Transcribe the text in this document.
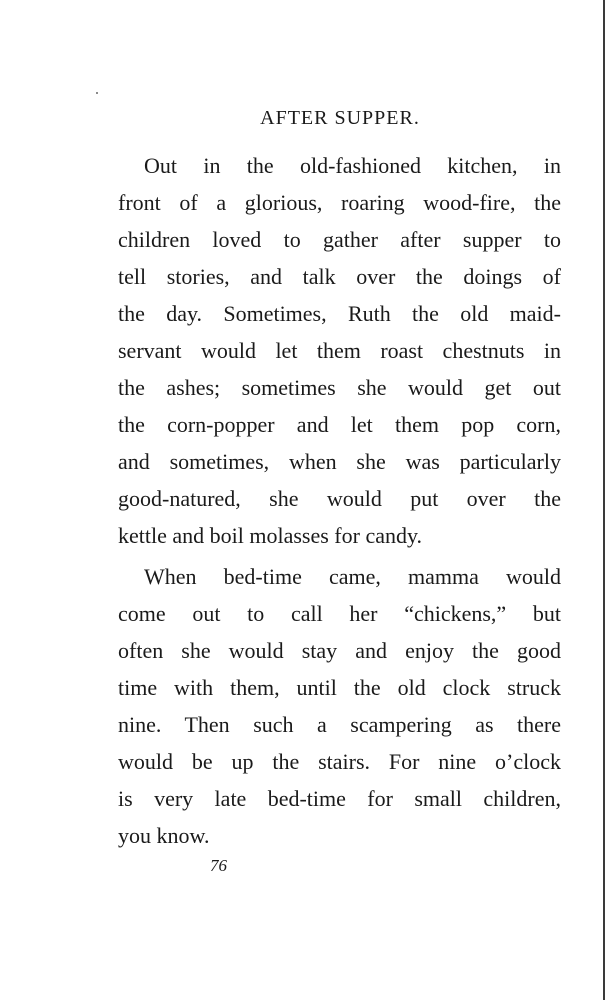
AFTER SUPPER.
Out in the old-fashioned kitchen, in
front of a glorious, roaring wood-fire, the
children loved to gather after supper to
tell stories, and talk over the doings of
the day. Sometimes, Ruth the old maid-
servant would let them roast chestnuts in
the ashes; sometimes she would get out
the corn-popper and let them pop corn,
and sometimes, when she was particularly
good-natured, she would put over the
kettle and boil molasses for candy.
When bed-time came, mamma would
come out to call her “chickens,” but
often she would stay and enjoy the good
time with them, until the old clock struck
nine. Then such a scampering as there
would be up the stairs. For nine o’clock
is very late bed-time for small children,
you know.
76
